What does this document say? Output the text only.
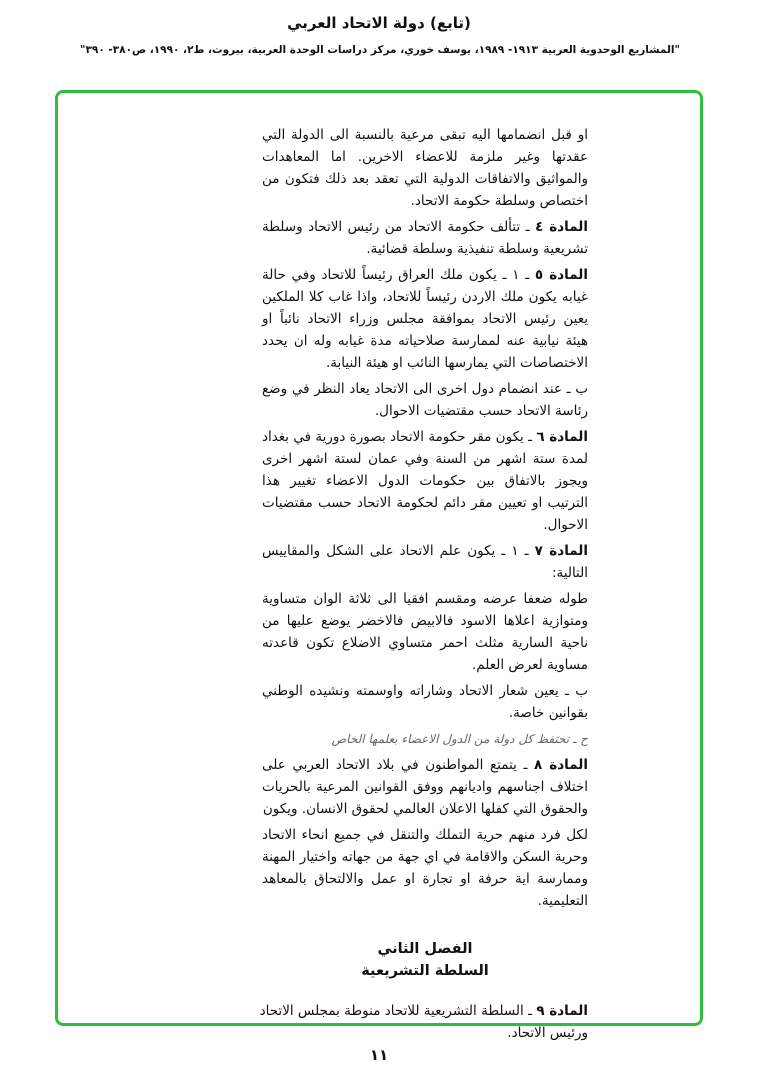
(تابع) دولة الاتحاد العربي
"المشاريع الوحدوية العربية ١٩١٣- ١٩٨٩، يوسف خوري، مركز دراسات الوحدة العربية، بيروت، ط٢، ١٩٩٠، ص٣٨٠- ٣٩٠"
او قبل انضمامها اليه تبقى مرعية بالنسبة الى الدولة التي
عقدتها وغير ملزمة للاعضاء الاخرين. اما المعاهدات
والمواثيق والاتفاقات الدولية التي تعقد بعد ذلك فتكون من
اختصاص وسلطة حكومة الاتحاد.
المادة ٤ ـ تتألف حكومة الاتحاد من رئيس الاتحاد وسلطة
تشريعية وسلطة تنفيذية وسلطة قضائية.
المادة ٥ ـ ١ ـ يكون ملك العراق رئيساً للاتحاد وفي حالة
غيابه يكون ملك الاردن رئيساً للاتحاد، واذا غاب كلا الملكين
يعين رئيس الاتحاد بموافقة مجلس وزراء الاتحاد نائباً او
هيئة نيابية عنه لممارسة صلاحياته مدة غيابه وله ان يحدد
الاختصاصات التي يمارسها النائب او هيئة النيابة.
ب ـ عند انضمام دول اخرى الى الاتحاد يعاد النظر في وضع
رئاسة الاتحاد حسب مقتضيات الاحوال.
المادة ٦ ـ يكون مقر حكومة الاتحاد بصورة دورية في بغداد
لمدة ستة اشهر من السنة وفي عمان لستة اشهر اخرى
ويجوز بالاتفاق بين حكومات الدول الاعضاء تغيير هذا
الترتيب او تعيين مقر دائم لحكومة الاتحاد حسب مقتضيات
الاحوال.
المادة ٧ ـ ١ ـ يكون علم الاتحاد على الشكل والمقاييس
التالية:
طوله ضعفا عرضه ومقسم افقيا الى ثلاثة الوان متساوية
ومتوازية اعلاها الاسود فالابيض فالاخضر يوضع عليها من
ناحية السارية مثلث احمر متساوي الاضلاع تكون قاعدته
مساوية لعرض العلم.
ب ـ يعين شعار الاتحاد وشاراته واوسمته ونشيده الوطني
بقوانين خاصة.
ح ـ تحتفظ كل دولة من الدول الاعضاء بعلمها الخاص
المادة ٨ ـ يتمتع المواطنون في بلاد الاتحاد العربي على
اختلاف اجناسهم واديانهم ووفق القوانين المرعية بالحريات
والحقوق التي كفلها الاعلان العالمي لحقوق الانسان. ويكون
لكل فرد منهم حرية التملك والتنقل في جميع انحاء الاتحاد
وحرية السكن والاقامة في اي جهة من جهاته واختيار المهنة
وممارسة اية حرفة او تجارة او عمل والالتحاق بالمعاهد
التعليمية.
الفصل الثاني
السلطة التشريعية
المادة ٩ ـ السلطة التشريعية للاتحاد منوطة بمجلس الاتحاد
ورئيس الاتحاد.
١١
